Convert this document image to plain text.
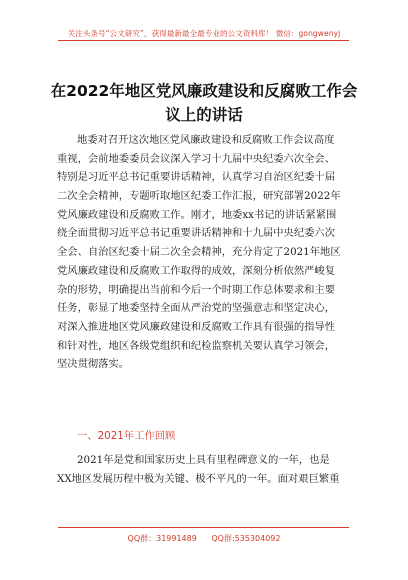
关注头条号“公文研究”，获得最新最全最专业的公文资料库！ 微信：gongwenyj
在2022年地区党风廉政建设和反腐败工作会
议上的讲话
地委对召开这次地区党风廉政建设和反腐败工作会议高度
重视，会前地委委员会议深入学习十九届中央纪委六次全会、
特别是习近平总书记重要讲话精神，认真学习自治区纪委十届
二次全会精神，专题听取地区纪委工作汇报，研究部署2022年
党风廉政建设和反腐败工作。刚才，地委xx书记的讲话紧紧围
绕全面贯彻习近平总书记重要讲话精神和十九届中央纪委六次
全会、自治区纪委十届二次全会精神，充分肯定了2021年地区
党风廉政建设和反腐败工作取得的成效，深刻分析依然严峻复
杂的形势，明确提出当前和今后一个时期工作总体要求和主要
任务，彰显了地委坚持全面从严治党的坚强意志和坚定决心，
对深入推进地区党风廉政建设和反腐败工作具有很强的指导性
和针对性，地区各级党组织和纪检监察机关要认真学习领会，
坚决贯彻落实。
一、2021年工作回顾
2021年是党和国家历史上具有里程碑意义的一年，也是
XX地区发展历程中极为关键、极不平凡的一年。面对艰巨繁重
QQ群：31991489 QQ群:535304092
